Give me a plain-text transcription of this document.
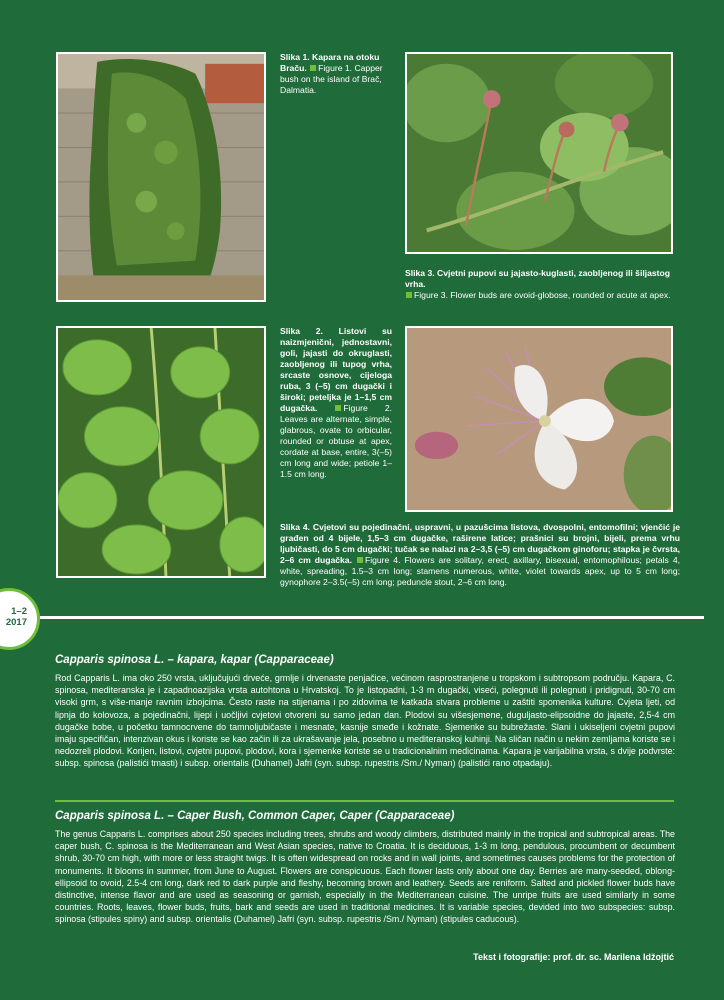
Slika 1. Kapara na otoku Braču. Figure 1. Capper bush on the island of Brač, Dalmatia.
Slika 3. Cvjetni pupovi su jajasto-kuglasti, zaobljenog ili šiljastog vrha.
Figure 3. Flower buds are ovoid-globose, rounded or acute at apex.
Slika 2. Listovi su naizmjenični, jednostavni, goli, jajasti do okruglasti, zaobljenog ili tupog vrha, srcaste osnove, cijeloga ruba, 3 (–5) cm dugački i široki; peteljka je 1–1,5 cm dugačka.	Figure 2. Leaves are alternate, simple, glabrous, ovate to orbicular, rounded or obtuse at apex, cordate at base, entire, 3(–5) cm long and wide; petiole 1–1.5 cm long.
Slika 4. Cvjetovi su pojedinačni, uspravni, u pazušcima listova, dvospolni, entomofilni; vjenčić je građen od 4 bijele, 1,5–3 cm dugačke, raširene latice; prašnici su brojni, bijeli, prema vrhu ljubičasti, do 5 cm dugački; tučak se nalazi na 2–3,5 (–5) cm dugačkom ginoforu; stapka je čvrsta, 2–6 cm dugačka. Figure 4. Flowers are solitary, erect, axillary, bisexual, entomophilous; petals 4, white, spreading, 1.5–3 cm long; stamens numerous, white, violet towards apex, up to 5 cm long; gynophore 2–3.5(–5) cm long; peduncle stout, 2–6 cm long.
1–2
2017
Capparis spinosa L. – kapara, kapar (Capparaceae)
Rod Capparis L. ima oko 250 vrsta, uključujući drveće, grmlje i drvenaste penjačice, većinom rasprostranjene u tropskom i subtropsom području. Kapara, C. spinosa, mediteranska je i zapadnoazijska vrsta autohtona u Hrvatskoj. To je listopadni, 1-3 m dugački, viseći, polegnuti ili polegnuti i pridignuti, 30-70 cm visoki grm, s više-manje ravnim izbojcima. Često raste na stijenama i po zidovima te katkada stvara probleme u zaštiti spomenika kulture. Cvjeta ljeti, od lipnja do kolovoza, a pojedinačni, lijepi i uočljivi cvjetovi otvoreni su samo jedan dan. Plodovi su višesjemene, duguljasto-elipsoidne do jajaste, 2,5-4 cm dugačke bobe, u početku tamnocrvene do tamnoljubičaste i mesnate, kasnije smeđe i kožnate. Sjemenke su bubrežaste. Slani i ukiseljeni cvjetni pupovi imaju specifičan, intenzivan okus i koriste se kao začin ili za ukrašavanje jela, posebno u mediteranskoj kuhinji. Na sličan način u nekim zemljama koriste se i nedozreli plodovi. Korijen, listovi, cvjetni pupovi, plodovi, kora i sjemenke koriste se u tradicionalnim medicinama. Kapara je varijabilna vrsta, s dvije podvrste: subsp. spinosa (palistići tmasti) i subsp. orientalis (Duhamel) Jafri (syn. subsp. rupestris /Sm./ Nyman) (palistići rano otpadaju).
Capparis spinosa L. – Caper Bush, Common Caper, Caper (Capparaceae)
The genus Capparis L. comprises about 250 species including trees, shrubs and woody climbers, distributed mainly in the tropical and subtropical areas. The caper bush, C. spinosa is the Mediterranean and West Asian species, native to Croatia. It is deciduous, 1-3 m long, pendulous, procumbent or decumbent shrub, 30-70 cm high, with more or less straight twigs. It is often widespread on rocks and in wall joints, and sometimes causes problems for the protection of monuments. It blooms in summer, from June to August. Flowers are conspicuous. Each flower lasts only about one day. Berries are many-seeded, oblong-ellipsoid to ovoid, 2.5-4 cm long, dark red to dark purple and fleshy, becoming brown and leathery. Seeds are reniform. Salted and pickled flower buds have distinctive, intense flavor and are used as seasoning or garnish, especially in the Mediterranean cuisine. The unripe fruits are used similarly in some countries. Roots, leaves, flower buds, fruits, bark and seeds are used in traditional medicines. It is variable species, devided into two subspecies: subsp. spinosa (stipules spiny) and subsp. orientalis (Duhamel) Jafri (syn. subsp. rupestris /Sm./ Nyman) (stipules caducous).
Tekst i fotografije: prof. dr. sc. Marilena Idžojtić
